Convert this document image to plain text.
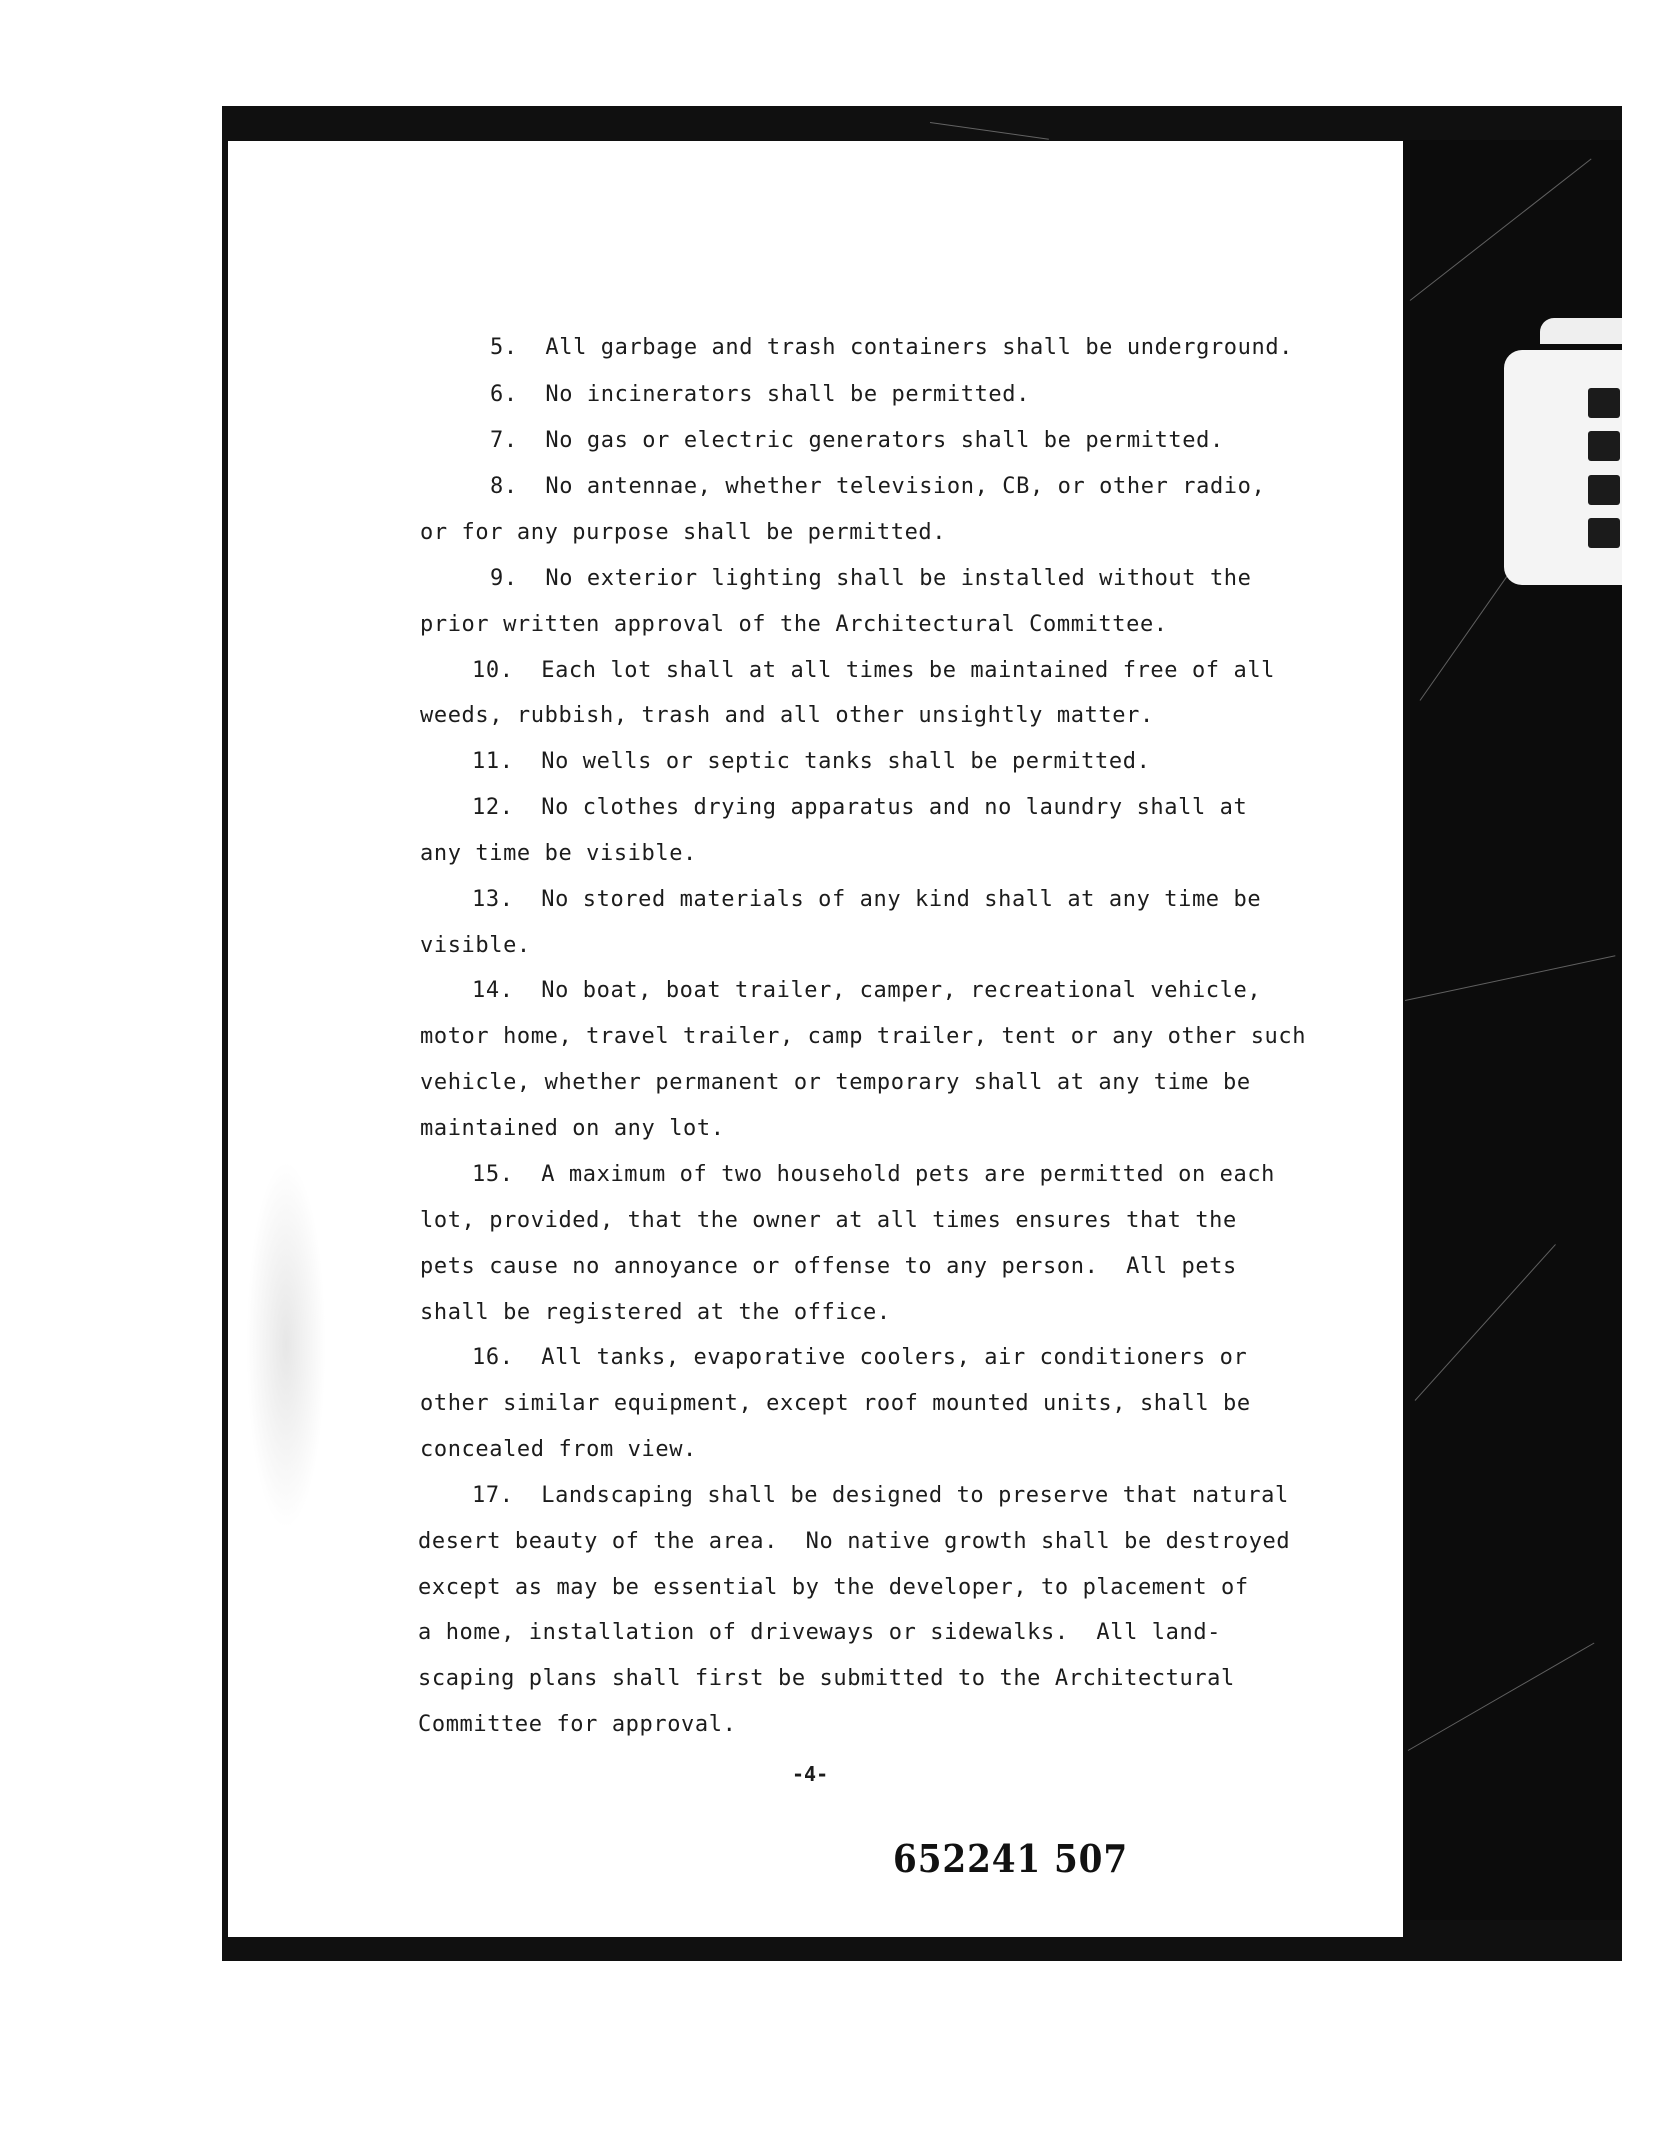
5.  All garbage and trash containers shall be underground.
6.  No incinerators shall be permitted.
7.  No gas or electric generators shall be permitted.
8.  No antennae, whether television, CB, or other radio,
or for any purpose shall be permitted.
9.  No exterior lighting shall be installed without the
prior written approval of the Architectural Committee.
10.  Each lot shall at all times be maintained free of all
weeds, rubbish, trash and all other unsightly matter.
11.  No wells or septic tanks shall be permitted.
12.  No clothes drying apparatus and no laundry shall at
any time be visible.
13.  No stored materials of any kind shall at any time be
visible.
14.  No boat, boat trailer, camper, recreational vehicle,
motor home, travel trailer, camp trailer, tent or any other such
vehicle, whether permanent or temporary shall at any time be
maintained on any lot.
15.  A maximum of two household pets are permitted on each
lot, provided, that the owner at all times ensures that the
pets cause no annoyance or offense to any person.  All pets
shall be registered at the office.
16.  All tanks, evaporative coolers, air conditioners or
other similar equipment, except roof mounted units, shall be
concealed from view.
17.  Landscaping shall be designed to preserve that natural
desert beauty of the area.  No native growth shall be destroyed
except as may be essential by the developer, to placement of
a home, installation of driveways or sidewalks.  All land-
scaping plans shall first be submitted to the Architectural
Committee for approval.
-4-
652241 507
